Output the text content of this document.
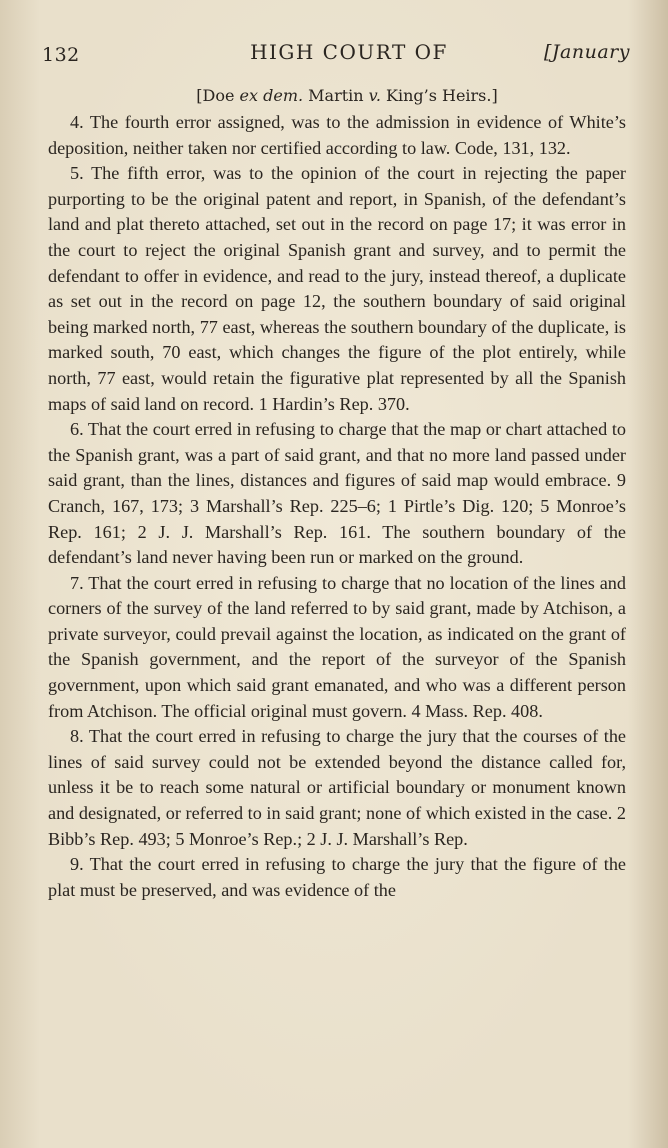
132	HIGH COURT OF	[January
[Doe ex dem. Martin v. King’s Heirs.]

4. The fourth error assigned, was to the admission in evidence of White’s deposition, neither taken nor certified according to law. Code, 131, 132.

5. The fifth error, was to the opinion of the court in rejecting the paper purporting to be the original patent and report, in Spanish, of the defendant’s land and plat thereto attached, set out in the record on page 17; it was error in the court to reject the original Spanish grant and survey, and to permit the defendant to offer in evidence, and read to the jury, instead thereof, a duplicate as set out in the record on page 12, the southern boundary of said original being marked north, 77 east, whereas the southern boundary of the duplicate, is marked south, 70 east, which changes the figure of the plot entirely, while north, 77 east, would retain the figurative plat represented by all the Spanish maps of said land on record. 1 Hardin’s Rep. 370.

6. That the court erred in refusing to charge that the map or chart attached to the Spanish grant, was a part of said grant, and that no more land passed under said grant, than the lines, distances and figures of said map would embrace. 9 Cranch, 167, 173; 3 Marshall’s Rep. 225–6; 1 Pirtle’s Dig. 120; 5 Monroe’s Rep. 161; 2 J. J. Marshall’s Rep. 161. The southern boundary of the defendant’s land never having been run or marked on the ground.

7. That the court erred in refusing to charge that no location of the lines and corners of the survey of the land referred to by said grant, made by Atchison, a private surveyor, could prevail against the location, as indicated on the grant of the Spanish government, and the report of the surveyor of the Spanish government, upon which said grant emanated, and who was a different person from Atchison. The official original must govern. 4 Mass. Rep. 408.

8. That the court erred in refusing to charge the jury that the courses of the lines of said survey could not be extended beyond the distance called for, unless it be to reach some natural or artificial boundary or monument known and designated, or referred to in said grant; none of which existed in the case. 2 Bibb’s Rep. 493; 5 Monroe’s Rep.; 2 J. J. Marshall’s Rep.

9. That the court erred in refusing to charge the jury that the figure of the plat must be preserved, and was evidence of the
